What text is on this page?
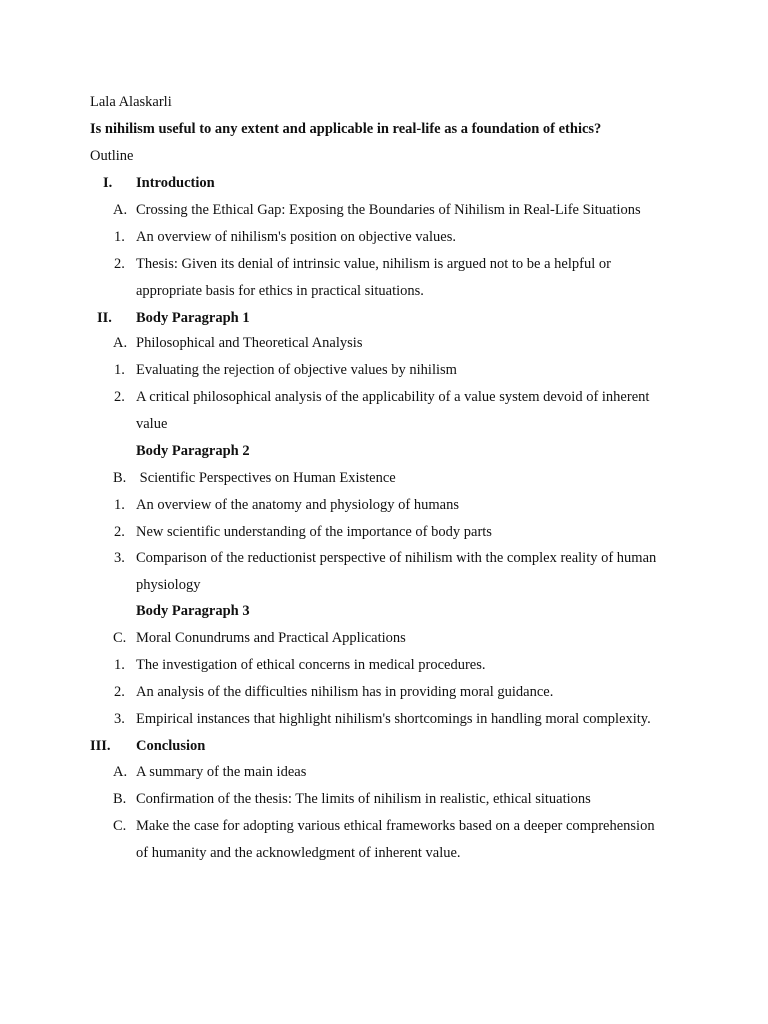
Lala Alaskarli
Is nihilism useful to any extent and applicable in real-life as a foundation of ethics?
Outline
I. Introduction
A. Crossing the Ethical Gap: Exposing the Boundaries of Nihilism in Real-Life Situations
1. An overview of nihilism's position on objective values.
2. Thesis: Given its denial of intrinsic value, nihilism is argued not to be a helpful or
appropriate basis for ethics in practical situations.
II. Body Paragraph 1
A. Philosophical and Theoretical Analysis
1. Evaluating the rejection of objective values by nihilism
2. A critical philosophical analysis of the applicability of a value system devoid of inherent
value
Body Paragraph 2
B. Scientific Perspectives on Human Existence
1. An overview of the anatomy and physiology of humans
2. New scientific understanding of the importance of body parts
3. Comparison of the reductionist perspective of nihilism with the complex reality of human
physiology
Body Paragraph 3
C. Moral Conundrums and Practical Applications
1. The investigation of ethical concerns in medical procedures.
2. An analysis of the difficulties nihilism has in providing moral guidance.
3. Empirical instances that highlight nihilism's shortcomings in handling moral complexity.
III. Conclusion
A. A summary of the main ideas
B. Confirmation of the thesis: The limits of nihilism in realistic, ethical situations
C. Make the case for adopting various ethical frameworks based on a deeper comprehension
of humanity and the acknowledgment of inherent value.
